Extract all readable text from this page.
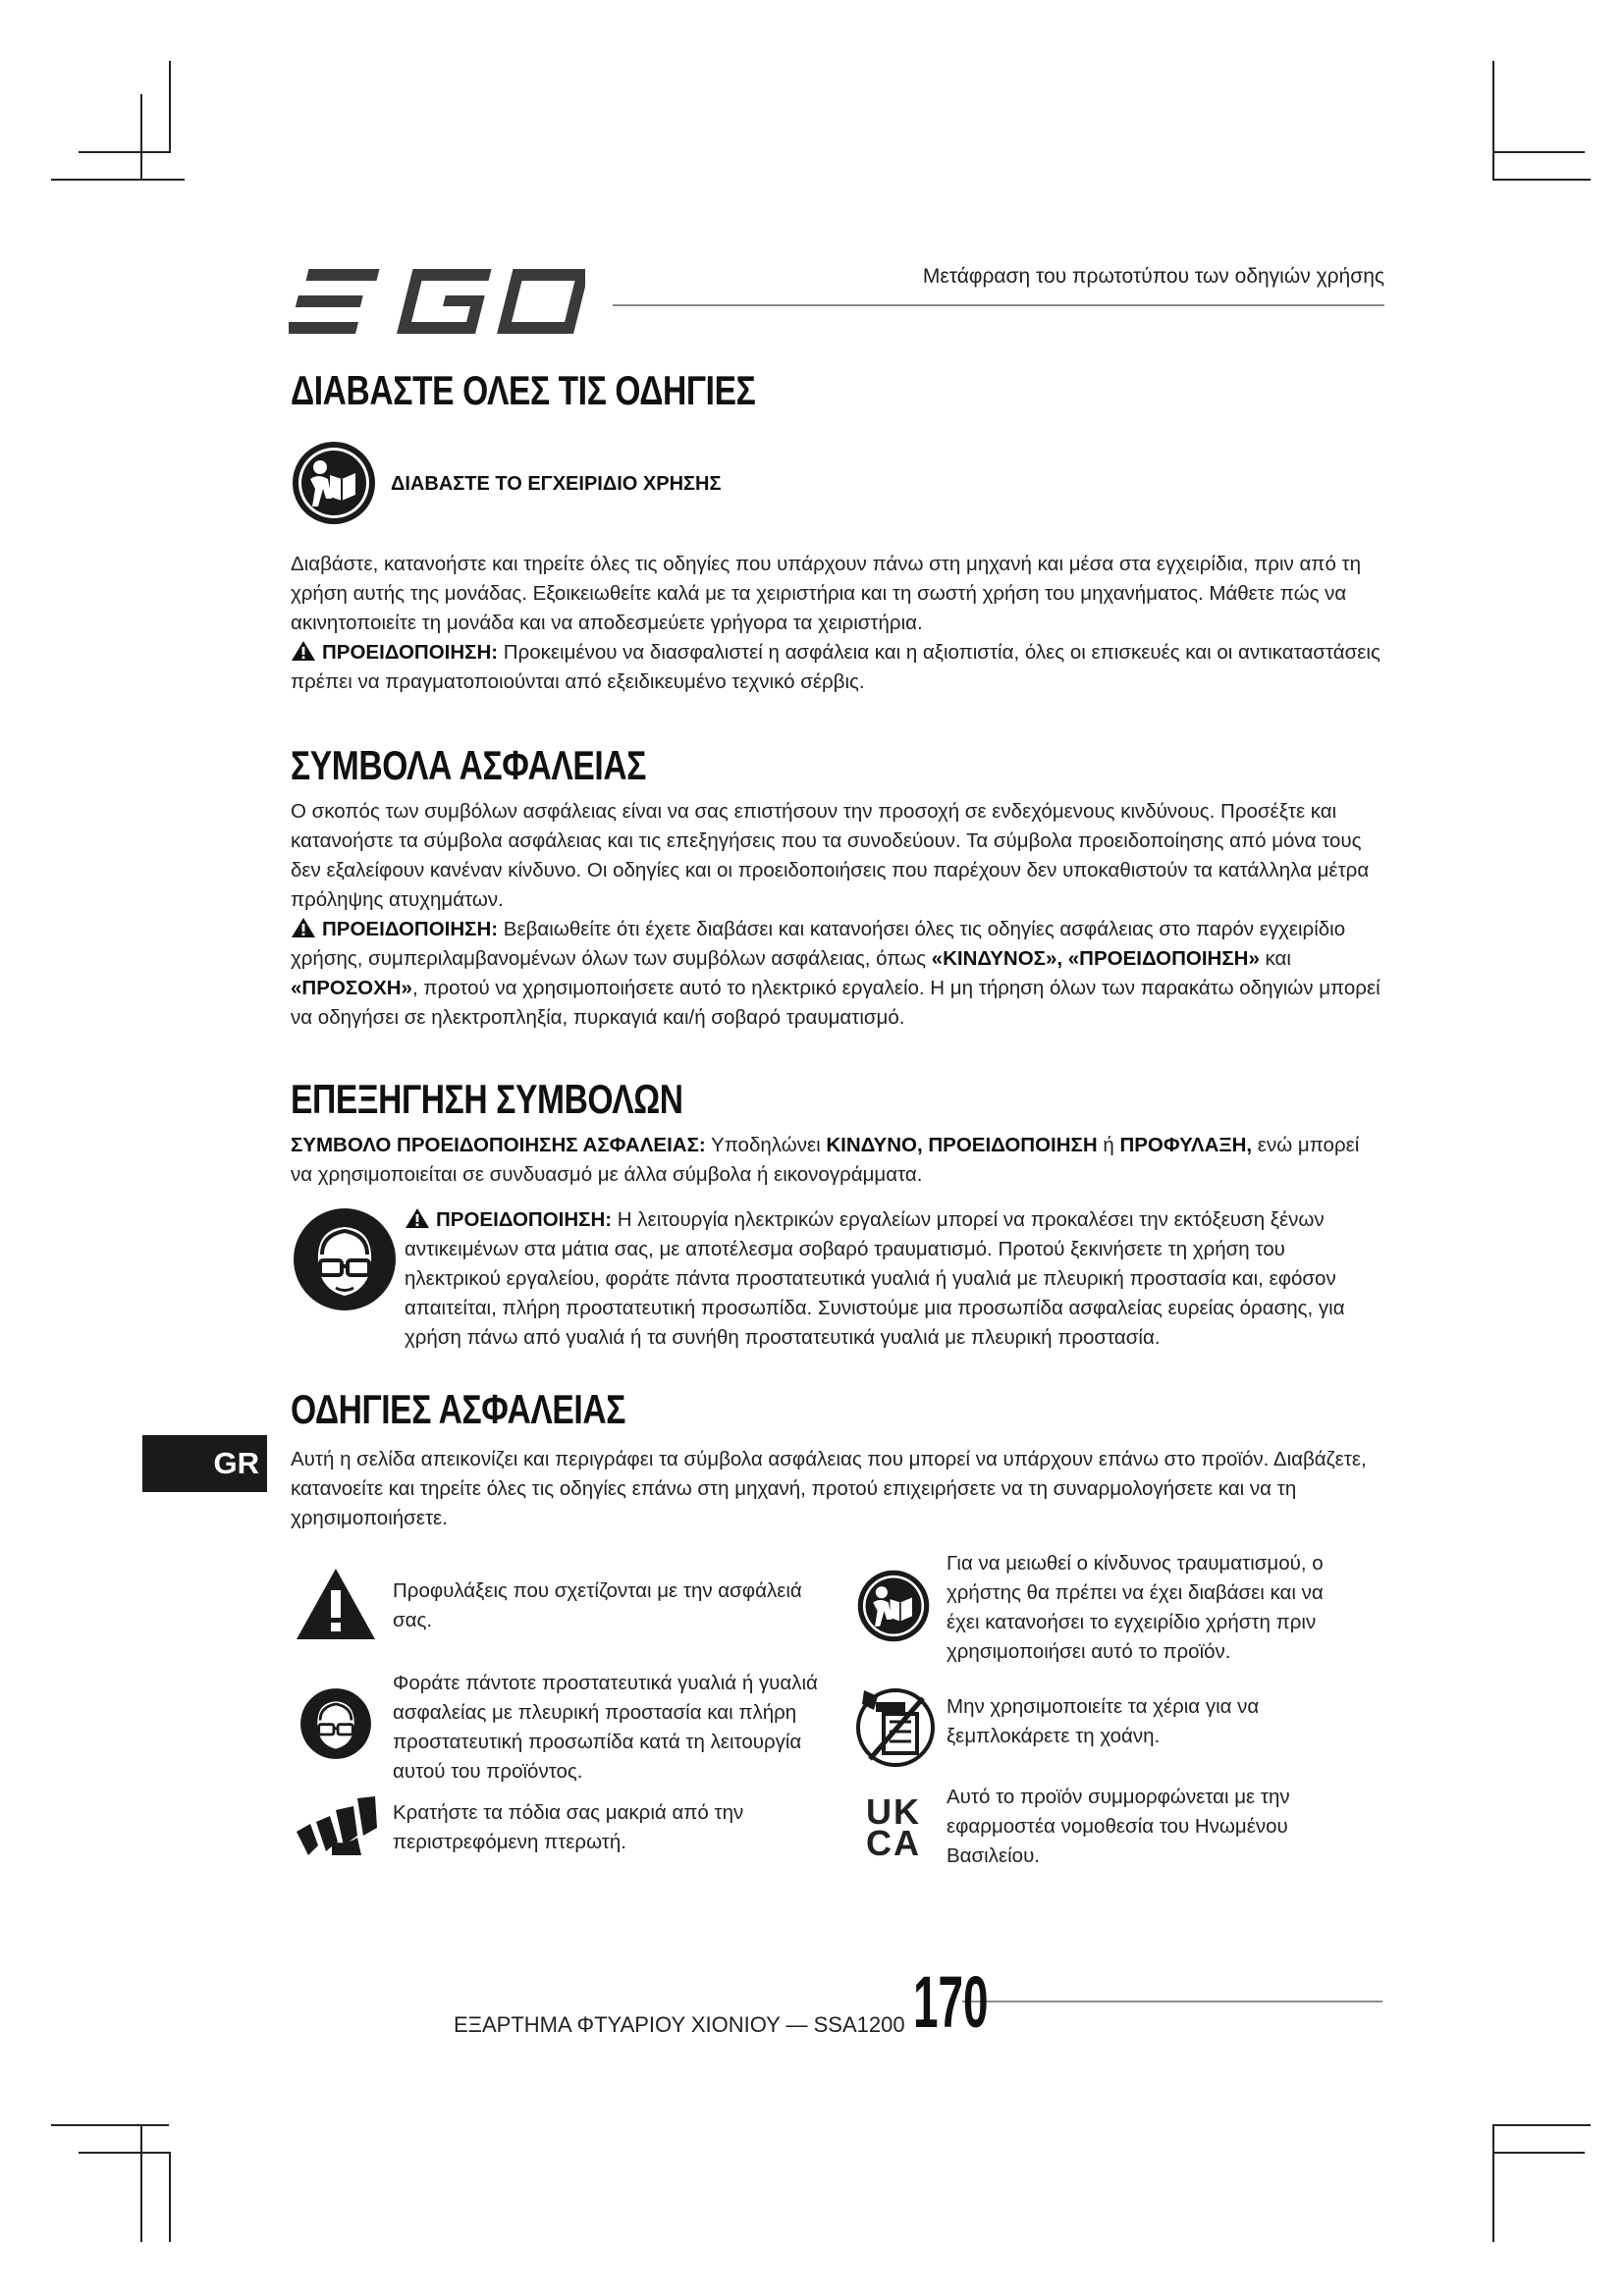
Μετάφραση του πρωτοτύπου των οδηγιών χρήσης
ΔΙΑΒΑΣΤΕ ΟΛΕΣ ΤΙΣ ΟΔΗΓΙΕΣ
ΔΙΑΒΑΣΤΕ ΤΟ ΕΓΧΕΙΡΙΔΙΟ ΧΡΗΣΗΣ

Διαβάστε, κατανοήστε και τηρείτε όλες τις οδηγίες που υπάρχουν πάνω στη μηχανή και μέσα στα εγχειρίδια, πριν από τη χρήση αυτής της μονάδας. Εξοικειωθείτε καλά με τα χειριστήρια και τη σωστή χρήση του μηχανήματος. Μάθετε πώς να ακινητοποιείτε τη μονάδα και να αποδεσμεύετε γρήγορα τα χειριστήρια.
ΠΡΟΕΙΔΟΠΟΙΗΣΗ: Προκειμένου να διασφαλιστεί η ασφάλεια και η αξιοπιστία, όλες οι επισκευές και οι αντικαταστάσεις πρέπει να πραγματοποιούνται από εξειδικευμένο τεχνικό σέρβις.

ΣΥΜΒΟΛΑ ΑΣΦΑΛΕΙΑΣ

Ο σκοπός των συμβόλων ασφάλειας είναι να σας επιστήσουν την προσοχή σε ενδεχόμενους κινδύνους. Προσέξτε και κατανοήστε τα σύμβολα ασφάλειας και τις επεξηγήσεις που τα συνοδεύουν. Τα σύμβολα προειδοποίησης από μόνα τους δεν εξαλείφουν κανέναν κίνδυνο. Οι οδηγίες και οι προειδοποιήσεις που παρέχουν δεν υποκαθιστούν τα κατάλληλα μέτρα πρόληψης ατυχημάτων.
ΠΡΟΕΙΔΟΠΟΙΗΣΗ: Βεβαιωθείτε ότι έχετε διαβάσει και κατανοήσει όλες τις οδηγίες ασφάλειας στο παρόν εγχειρίδιο χρήσης, συμπεριλαμβανομένων όλων των συμβόλων ασφάλειας, όπως «ΚΙΝΔΥΝΟΣ», «ΠΡΟΕΙΔΟΠΟΙΗΣΗ» και «ΠΡΟΣΟΧΗ», προτού να χρησιμοποιήσετε αυτό το ηλεκτρικό εργαλείο. Η μη τήρηση όλων των παρακάτω οδηγιών μπορεί να οδηγήσει σε ηλεκτροπληξία, πυρκαγιά και/ή σοβαρό τραυματισμό.

ΕΠΕΞΗΓΗΣΗ ΣΥΜΒΟΛΩΝ

ΣΥΜΒΟΛΟ ΠΡΟΕΙΔΟΠΟΙΗΣΗΣ ΑΣΦΑΛΕΙΑΣ: Υποδηλώνει ΚΙΝΔΥΝΟ, ΠΡΟΕΙΔΟΠΟΙΗΣΗ ή ΠΡΟΦΥΛΑΞΗ, ενώ μπορεί να χρησιμοποιείται σε συνδυασμό με άλλα σύμβολα ή εικονογράμματα.

ΠΡΟΕΙΔΟΠΟΙΗΣΗ: Η λειτουργία ηλεκτρικών εργαλείων μπορεί να προκαλέσει την εκτόξευση ξένων αντικειμένων στα μάτια σας, με αποτέλεσμα σοβαρό τραυματισμό. Προτού ξεκινήσετε τη χρήση του ηλεκτρικού εργαλείου, φοράτε πάντα προστατευτικά γυαλιά ή γυαλιά με πλευρική προστασία και, εφόσον απαιτείται, πλήρη προστατευτική προσωπίδα. Συνιστούμε μια προσωπίδα ασφαλείας ευρείας όρασης, για χρήση πάνω από γυαλιά ή τα συνήθη προστατευτικά γυαλιά με πλευρική προστασία.

ΟΔΗΓΙΕΣ ΑΣΦΑΛΕΙΑΣ
GR	Αυτή η σελίδα απεικονίζει και περιγράφει τα σύμβολα ασφάλειας που μπορεί να υπάρχουν επάνω στο προϊόν. Διαβάζετε, κατανοείτε και τηρείτε όλες τις οδηγίες επάνω στη μηχανή, προτού επιχειρήσετε να τη συναρμολογήσετε και να τη χρησιμοποιήσετε.

Προφυλάξεις που σχετίζονται με την ασφάλειά σας.

Φοράτε πάντοτε προστατευτικά γυαλιά ή γυαλιά ασφαλείας με πλευρική προστασία και πλήρη προστατευτική προσωπίδα κατά τη λειτουργία αυτού του προϊόντος.

Κρατήστε τα πόδια σας μακριά από την περιστρεφόμενη πτερωτή.

Για να μειωθεί ο κίνδυνος τραυματισμού, ο χρήστης θα πρέπει να έχει διαβάσει και να έχει κατανοήσει το εγχειρίδιο χρήστη πριν χρησιμοποιήσει αυτό το προϊόν.

Μην χρησιμοποιείτε τα χέρια για να ξεμπλοκάρετε τη χοάνη.

UK
CA

Αυτό το προϊόν συμμορφώνεται με την εφαρμοστέα νομοθεσία του Ηνωμένου Βασιλείου.

ΕΞΑΡΤΗΜΑ ΦΤΥΑΡΙΟΥ ΧΙΟΝΙΟΥ — SSA1200 170
